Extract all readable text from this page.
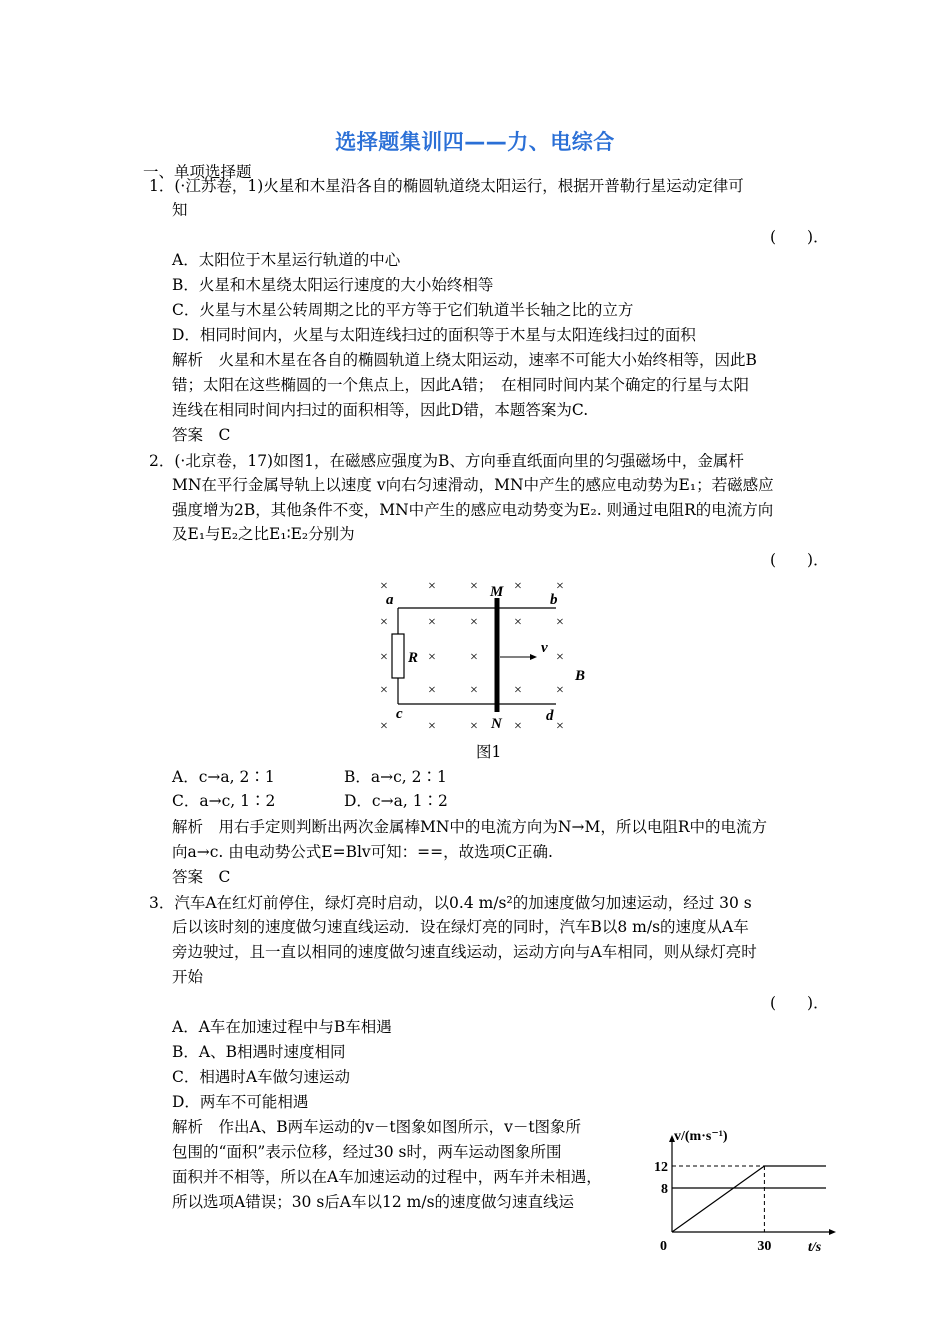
选择题集训四——力、电综合
一、单项选择题
1．(·江苏卷，1)火星和木星沿各自的椭圆轨道绕太阳运行，根据开普勒行星运动定律可
知
(　　)．
A．太阳位于木星运行轨道的中心
B．火星和木星绕太阳运行速度的大小始终相等
C．火星与木星公转周期之比的平方等于它们轨道半长轴之比的立方
D．相同时间内，火星与太阳连线扫过的面积等于木星与太阳连线扫过的面积
解析　火星和木星在各自的椭圆轨道上绕太阳运动，速率不可能大小始终相等，因此B
错；太阳在这些椭圆的一个焦点上，因此A错；　在相同时间内某个确定的行星与太阳
连线在相同时间内扫过的面积相等，因此D错，本题答案为C.
答案　C
2．(·北京卷，17)如图1，在磁感应强度为B、方向垂直纸面向里的匀强磁场中，金属杆
MN在平行金属导轨上以速度 v向右匀速滑动，MN中产生的感应电动势为E₁；若磁感应
强度增为2B，其他条件不变，MN中产生的感应电动势变为E₂. 则通过电阻R的电流方向
及E₁与E₂之比E₁∶E₂分别为
(　　)．
×	× ×	× ×
× ×	× ×
×
×
×	×	×
×	× ×	× ×
×	× ×	× ×
a	b
c	d
M
N
R
v
B
图1
A．c→a, 2∶1	B．a→c, 2∶1
C．a→c, 1∶2	D．c→a, 1∶2
解析　用右手定则判断出两次金属棒MN中的电流方向为N→M，所以电阻R中的电流方
向a→c. 由电动势公式E=Blv可知：==，故选项C正确.
答案　C
3．汽车A在红灯前停住，绿灯亮时启动，以0.4 m/s²的加速度做匀加速运动，经过 30 s
后以该时刻的速度做匀速直线运动．设在绿灯亮的同时，汽车B以8 m/s的速度从A车
旁边驶过，且一直以相同的速度做匀速直线运动，运动方向与A车相同，则从绿灯亮时
开始
(　　)．
A．A车在加速过程中与B车相遇
B．A、B相遇时速度相同
C．相遇时A车做匀速运动
D．两车不可能相遇
解析　作出A、B两车运动的v－t图象如图所示，v－t图象所
包围的“面积”表示位移，经过30 s时，两车运动图象所围
面积并不相等，所以在A车加速运动的过程中，两车并未相遇，
所以选项A错误；30 s后A车以12 m/s的速度做匀速直线运
v/(m·s⁻¹)
t/s
0
8
12
30
